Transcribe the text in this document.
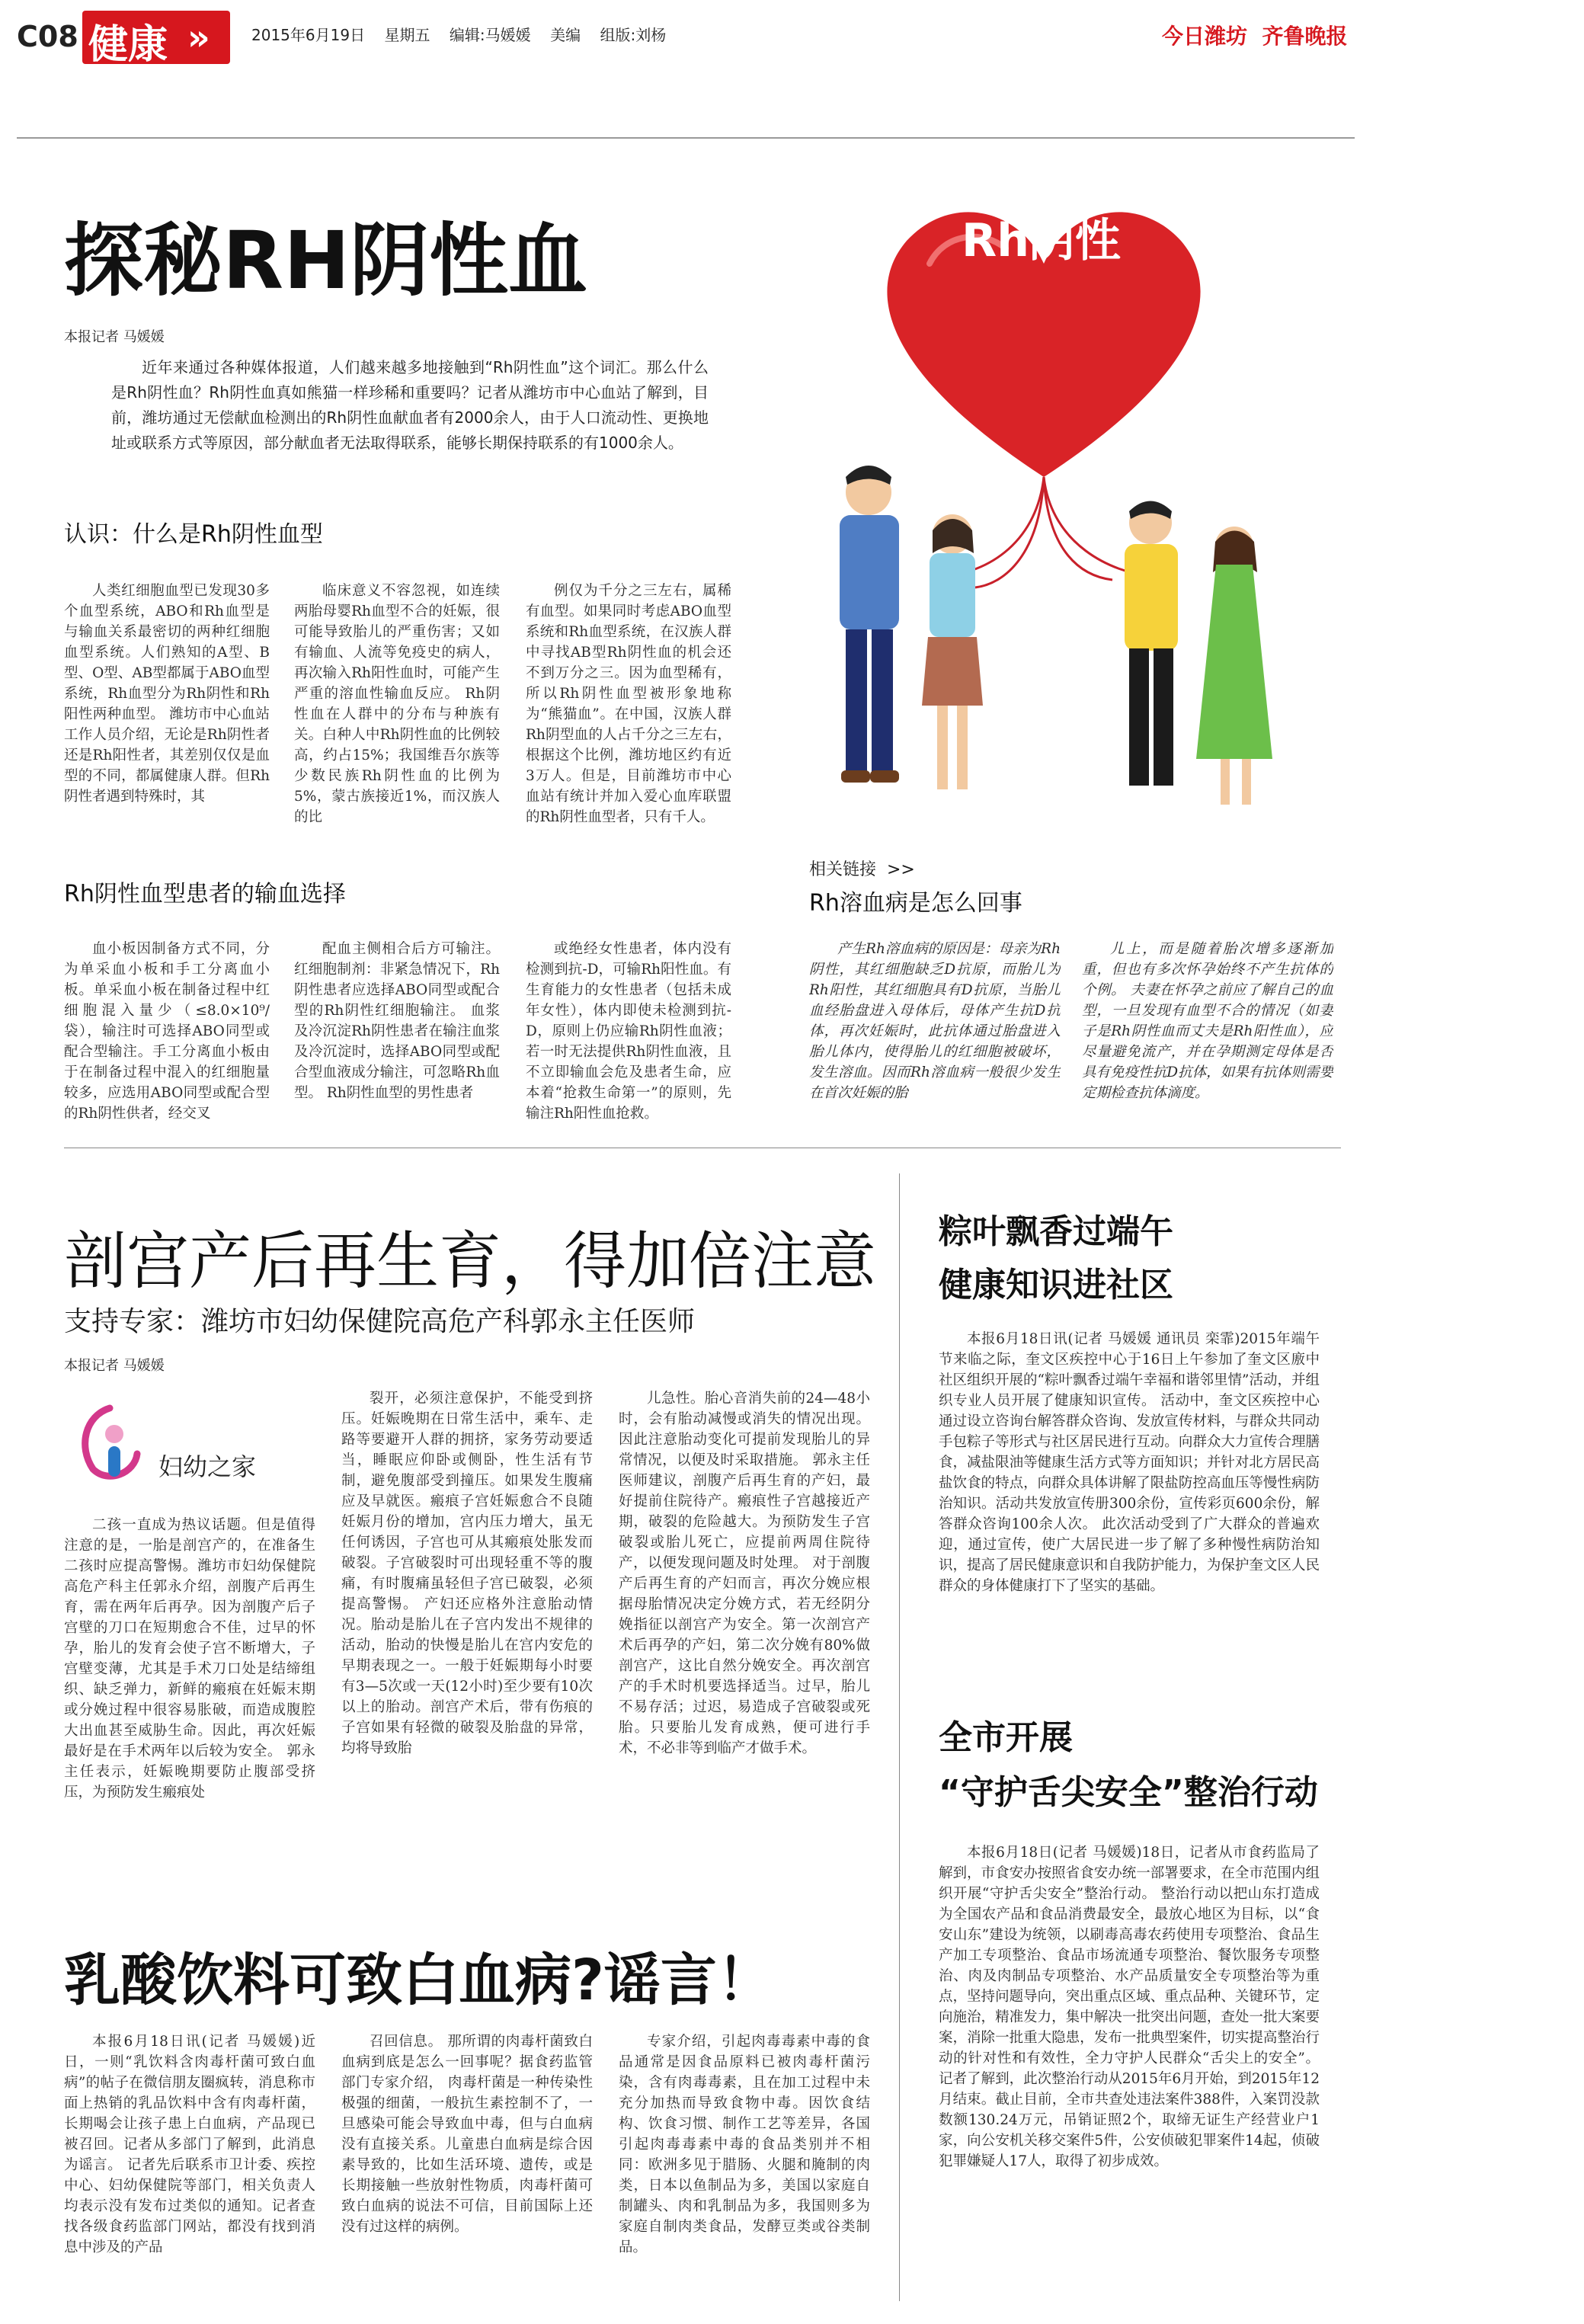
C08 健康 »	2015年6月19日    星期五    编辑:马媛媛    美编    组版:刘杨	今日潍坊  齐鲁晚报
探秘RH阴性血
本报记者 马媛媛
近年来通过各种媒体报道，人们越来越多地接触到“Rh阴性血”这个词汇。那么什么是Rh阴性血？Rh阴性血真如熊猫一样珍稀和重要吗？记者从潍坊市中心血站了解到，目前，潍坊通过无偿献血检测出的Rh阴性血献血者有2000余人，由于人口流动性、更换地址或联系方式等原因，部分献血者无法取得联系，能够长期保持联系的有1000余人。
Rh阴性
认识：什么是Rh阴性血型
人类红细胞血型已发现30多个血型系统，ABO和Rh血型是与输血关系最密切的两种红细胞血型系统。人们熟知的A型、B型、O型、AB型都属于ABO血型系统，Rh血型分为Rh阴性和Rh阳性两种血型。 潍坊市中心血站工作人员介绍，无论是Rh阴性者还是Rh阳性者，其差别仅仅是血型的不同，都属健康人群。但Rh阴性者遇到特殊时，其
临床意义不容忽视，如连续两胎母婴Rh血型不合的妊娠，很可能导致胎儿的严重伤害；又如有输血、人流等免疫史的病人，再次输入Rh阳性血时，可能产生严重的溶血性输血反应。 Rh阴性血在人群中的分布与种族有关。白种人中Rh阴性血的比例较高，约占15%；我国维吾尔族等少数民族Rh阴性血的比例为5%，蒙古族接近1%，而汉族人的比
例仅为千分之三左右，属稀有血型。如果同时考虑ABO血型系统和Rh血型系统，在汉族人群中寻找AB型Rh阴性血的机会还不到万分之三。因为血型稀有，所以Rh阴性血型被形象地称为“熊猫血”。在中国，汉族人群Rh阴型血的人占千分之三左右，根据这个比例，潍坊地区约有近3万人。但是，目前潍坊市中心血站有统计并加入爱心血库联盟的Rh阴性血型者，只有千人。
Rh阴性血型患者的输血选择
血小板因制备方式不同，分为单采血小板和手工分离血小板。单采血小板在制备过程中红细胞混入量少（≤8.0×10⁹/袋），输注时可选择ABO同型或配合型输注。手工分离血小板由于在制备过程中混入的红细胞量较多，应选用ABO同型或配合型的Rh阴性供者，经交叉
配血主侧相合后方可输注。 红细胞制剂：非紧急情况下，Rh阴性患者应选择ABO同型或配合型的Rh阴性红细胞输注。 血浆及冷沉淀Rh阴性患者在输注血浆及冷沉淀时，选择ABO同型或配合型血液成分输注，可忽略Rh血型。 Rh阴性血型的男性患者
或绝经女性患者，体内没有检测到抗-D，可输Rh阳性血。有生育能力的女性患者（包括未成年女性），体内即使未检测到抗-D，原则上仍应输Rh阴性血液；若一时无法提供Rh阴性血液，且不立即输血会危及患者生命，应本着“抢救生命第一”的原则，先输注Rh阳性血抢救。
相关链接  >>
Rh溶血病是怎么回事
产生Rh溶血病的原因是：母亲为Rh阴性，其红细胞缺乏D抗原，而胎儿为Rh阳性，其红细胞具有D抗原，当胎儿血经胎盘进入母体后，母体产生抗D抗体，再次妊娠时，此抗体通过胎盘进入胎儿体内，使得胎儿的红细胞被破坏，发生溶血。因而Rh溶血病一般很少发生在首次妊娠的胎
儿上，而是随着胎次增多逐渐加重，但也有多次怀孕始终不产生抗体的个例。 夫妻在怀孕之前应了解自己的血型，一旦发现有血型不合的情况（如妻子是Rh阴性血而丈夫是Rh阳性血），应尽量避免流产，并在孕期测定母体是否具有免疫性抗D抗体，如果有抗体则需要定期检查抗体滴度。
剖宫产后再生育，得加倍注意
支持专家：潍坊市妇幼保健院高危产科郭永主任医师
本报记者 马媛媛
妇幼之家
二孩一直成为热议话题。但是值得注意的是，一胎是剖宫产的，在准备生二孩时应提高警惕。潍坊市妇幼保健院高危产科主任郭永介绍，剖腹产后再生育，需在两年后再孕。因为剖腹产后子宫壁的刀口在短期愈合不佳，过早的怀孕，胎儿的发育会使子宫不断增大，子宫壁变薄，尤其是手术刀口处是结缔组织、缺乏弹力，新鲜的瘢痕在妊娠末期或分娩过程中很容易胀破，而造成腹腔大出血甚至威胁生命。因此，再次妊娠最好是在手术两年以后较为安全。 郭永主任表示，妊娠晚期要防止腹部受挤压，为预防发生瘢痕处
裂开，必须注意保护，不能受到挤压。妊娠晚期在日常生活中，乘车、走路等要避开人群的拥挤，家务劳动要适当，睡眠应仰卧或侧卧，性生活有节制，避免腹部受到撞压。如果发生腹痛应及早就医。瘢痕子宫妊娠愈合不良随妊娠月份的增加，宫内压力增大，虽无任何诱因，子宫也可从其瘢痕处胀发而破裂。子宫破裂时可出现轻重不等的腹痛，有时腹痛虽轻但子宫已破裂，必须提高警惕。 产妇还应格外注意胎动情况。胎动是胎儿在子宫内发出不规律的活动，胎动的快慢是胎儿在宫内安危的早期表现之一。一般于妊娠期每小时要有3—5次或一天(12小时)至少要有10次以上的胎动。剖宫产术后，带有伤痕的子宫如果有轻微的破裂及胎盘的异常，均将导致胎
儿急性。胎心音消失前的24—48小时，会有胎动减慢或消失的情况出现。因此注意胎动变化可提前发现胎儿的异常情况，以便及时采取措施。 郭永主任医师建议，剖腹产后再生育的产妇，最好提前住院待产。瘢痕性子宫越接近产期，破裂的危险越大。为预防发生子宫破裂或胎儿死亡，应提前两周住院待产，以便发现问题及时处理。 对于剖腹产后再生育的产妇而言，再次分娩应根据母胎情况决定分娩方式，若无经阴分娩指征以剖宫产为安全。第一次剖宫产术后再孕的产妇，第二次分娩有80%做剖宫产，这比自然分娩安全。再次剖宫产的手术时机要选择适当。过早，胎儿不易存活；过迟，易造成子宫破裂或死胎。只要胎儿发育成熟，便可进行手术，不必非等到临产才做手术。
粽叶飘香过端午
健康知识进社区
本报6月18日讯(记者 马媛媛 通讯员 栾霏)2015年端午节来临之际，奎文区疾控中心于16日上午参加了奎文区廒中社区组织开展的“粽叶飘香过端午幸福和谐邻里情”活动，并组织专业人员开展了健康知识宣传。 活动中，奎文区疾控中心通过设立咨询台解答群众咨询、发放宣传材料，与群众共同动手包粽子等形式与社区居民进行互动。向群众大力宣传合理膳食，减盐限油等健康生活方式等方面知识；并针对北方居民高盐饮食的特点，向群众具体讲解了限盐防控高血压等慢性病防治知识。活动共发放宣传册300余份，宣传彩页600余份，解答群众咨询100余人次。 此次活动受到了广大群众的普遍欢迎，通过宣传，使广大居民进一步了解了多种慢性病防治知识，提高了居民健康意识和自我防护能力，为保护奎文区人民群众的身体健康打下了坚实的基础。
全市开展
“守护舌尖安全”整治行动
本报6月18日(记者 马媛媛)18日，记者从市食药监局了解到，市食安办按照省食安办统一部署要求，在全市范围内组织开展“守护舌尖安全”整治行动。 整治行动以把山东打造成为全国农产品和食品消费最安全，最放心地区为目标，以“食安山东”建设为统领，以刷毒高毒农药使用专项整治、食品生产加工专项整治、食品市场流通专项整治、餐饮服务专项整治、肉及肉制品专项整治、水产品质量安全专项整治等为重点，坚持问题导向，突出重点区域、重点品种、关键环节，定向施治，精准发力，集中解决一批突出问题，查处一批大案要案，消除一批重大隐患，发布一批典型案件，切实提高整治行动的针对性和有效性，全力守护人民群众“舌尖上的安全”。 记者了解到，此次整治行动从2015年6月开始，到2015年12月结束。截止目前，全市共查处违法案件388件，入案罚没款数额130.24万元，吊销证照2个，取缔无证生产经营业户1家，向公安机关移交案件5件，公安侦破犯罪案件14起，侦破犯罪嫌疑人17人，取得了初步成效。
乳酸饮料可致白血病?谣言！
本报6月18日讯(记者 马媛媛)近日，一则“乳饮料含肉毒杆菌可致白血病”的帖子在微信朋友圈疯转，消息称市面上热销的乳品饮料中含有肉毒杆菌，长期喝会让孩子患上白血病，产品现已被召回。记者从多部门了解到，此消息为谣言。 记者先后联系市卫计委、疾控中心、妇幼保健院等部门，相关负责人均表示没有发布过类似的通知。记者查找各级食药监部门网站，都没有找到消息中涉及的产品
召回信息。 那所谓的肉毒杆菌致白血病到底是怎么一回事呢？据食药监管部门专家介绍， 肉毒杆菌是一种传染性极强的细菌，一般抗生素控制不了，一旦感染可能会导致血中毒，但与白血病没有直接关系。儿童患白血病是综合因素导致的，比如生活环境、遗传，或是长期接触一些放射性物质，肉毒杆菌可致白血病的说法不可信，目前国际上还没有过这样的病例。
专家介绍，引起肉毒毒素中毒的食品通常是因食品原料已被肉毒杆菌污染，含有肉毒毒素，且在加工过程中未充分加热而导致食物中毒。因饮食结构、饮食习惯、制作工艺等差异，各国引起肉毒毒素中毒的食品类别并不相同：欧洲多见于腊肠、火腿和腌制的肉类，日本以鱼制品为多，美国以家庭自制罐头、肉和乳制品为多，我国则多为家庭自制肉类食品，发酵豆类或谷类制品。
